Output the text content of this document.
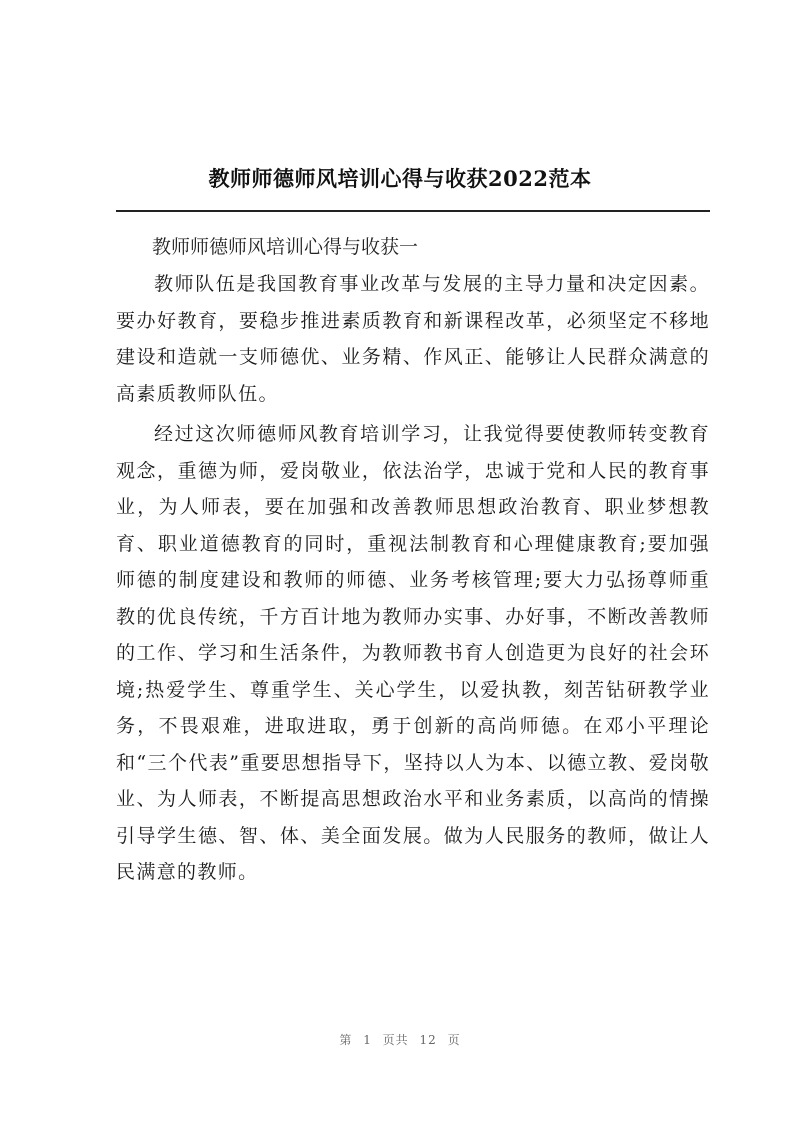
教师师德师风培训心得与收获2022范本

教师师德师风培训心得与收获一

教师队伍是我国教育事业改革与发展的主导力量和决定因素。要办好教育，要稳步推进素质教育和新课程改革，必须坚定不移地建设和造就一支师德优、业务精、作风正、能够让人民群众满意的高素质教师队伍。

经过这次师德师风教育培训学习，让我觉得要使教师转变教育观念，重德为师，爱岗敬业，依法治学，忠诚于党和人民的教育事业，为人师表，要在加强和改善教师思想政治教育、职业梦想教育、职业道德教育的同时，重视法制教育和心理健康教育;要加强师德的制度建设和教师的师德、业务考核管理;要大力弘扬尊师重教的优良传统，千方百计地为教师办实事、办好事，不断改善教师的工作、学习和生活条件，为教师教书育人创造更为良好的社会环境;热爱学生、尊重学生、关心学生，以爱执教，刻苦钻研教学业务，不畏艰难，进取进取，勇于创新的高尚师德。在邓小平理论和“三个代表”重要思想指导下，坚持以人为本、以德立教、爱岗敬业、为人师表，不断提高思想政治水平和业务素质，以高尚的情操引导学生德、智、体、美全面发展。做为人民服务的教师，做让人民满意的教师。

第 1 页共 12 页
